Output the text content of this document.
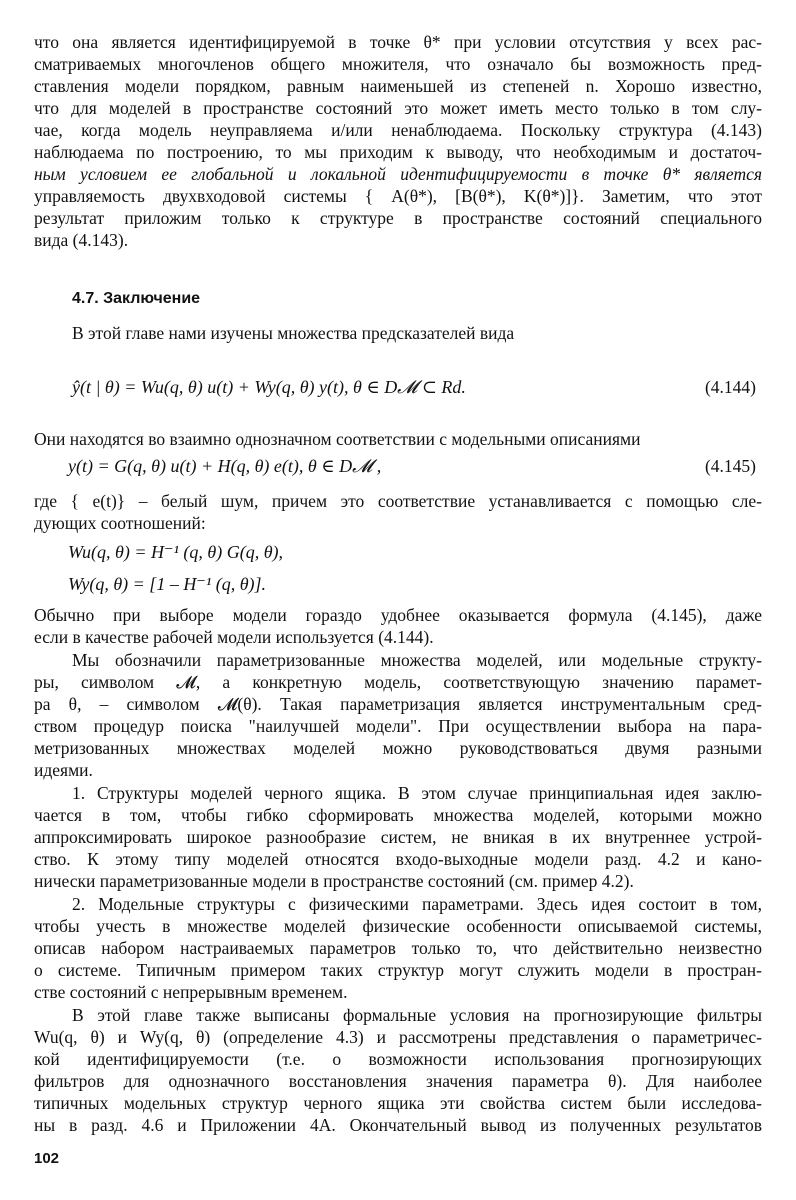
что она является идентифицируемой в точке θ* при условии отсутствия у всех рас-
сматриваемых многочленов общего множителя, что означало бы возможность пред-
ставления модели порядком, равным наименьшей из степеней n. Хорошо известно,
что для моделей в пространстве состояний это может иметь место только в том слу-
чае, когда модель неуправляема и/или ненаблюдаема. Поскольку структура (4.143)
наблюдаема по построению, то мы приходим к выводу, что необходимым и достаточ-
ным условием ее глобальной и локальной идентифицируемости в точке θ* является
управляемость двухвходовой системы { A(θ*), [B(θ*), K(θ*)]}. Заметим, что этот
результат приложим только к структуре в пространстве состояний специального
вида (4.143).
4.7. Заключение
В этой главе нами изучены множества предсказателей вида
ŷ(t | θ) = Wu(q, θ) u(t) + Wy(q, θ) y(t), θ ∈ D𝓜 ⊂ Rd.	(4.144)
Они находятся во взаимно однозначном соответствии с модельными описаниями
y(t) = G(q, θ) u(t) + H(q, θ) e(t), θ ∈ D𝓜 ,	(4.145)
где { e(t)} – белый шум, причем это соответствие устанавливается с помощью сле-
дующих соотношений:
Wu(q, θ) = H⁻¹ (q, θ) G(q, θ),
Wy(q, θ) = [1 – H⁻¹ (q, θ)].
Обычно при выборе модели гораздо удобнее оказывается формула (4.145), даже
если в качестве рабочей модели используется (4.144).
Мы обозначили параметризованные множества моделей, или модельные структу-
ры, символом 𝓜, а конкретную модель, соответствующую значению парамет-
ра θ, – символом 𝓜(θ). Такая параметризация является инструментальным сред-
ством процедур поиска "наилучшей модели". При осуществлении выбора на пара-
метризованных множествах моделей можно руководствоваться двумя разными
идеями.
1. Структуры моделей черного ящика. В этом случае принципиальная идея заклю-
чается в том, чтобы гибко сформировать множества моделей, которыми можно
аппроксимировать широкое разнообразие систем, не вникая в их внутреннее устрой-
ство. К этому типу моделей относятся входо-выходные модели разд. 4.2 и кано-
нически параметризованные модели в пространстве состояний (см. пример 4.2).
2. Модельные структуры с физическими параметрами. Здесь идея состоит в том,
чтобы учесть в множестве моделей физические особенности описываемой системы,
описав набором настраиваемых параметров только то, что действительно неизвестно
о системе. Типичным примером таких структур могут служить модели в простран-
стве состояний с непрерывным временем.
В этой главе также выписаны формальные условия на прогнозирующие фильтры
Wu(q, θ) и Wy(q, θ) (определение 4.3) и рассмотрены представления о параметричес-
кой идентифицируемости (т.е. о возможности использования прогнозирующих
фильтров для однозначного восстановления значения параметра θ). Для наиболее
типичных модельных структур черного ящика эти свойства систем были исследова-
ны в разд. 4.6 и Приложении 4А. Окончательный вывод из полученных результатов
102
